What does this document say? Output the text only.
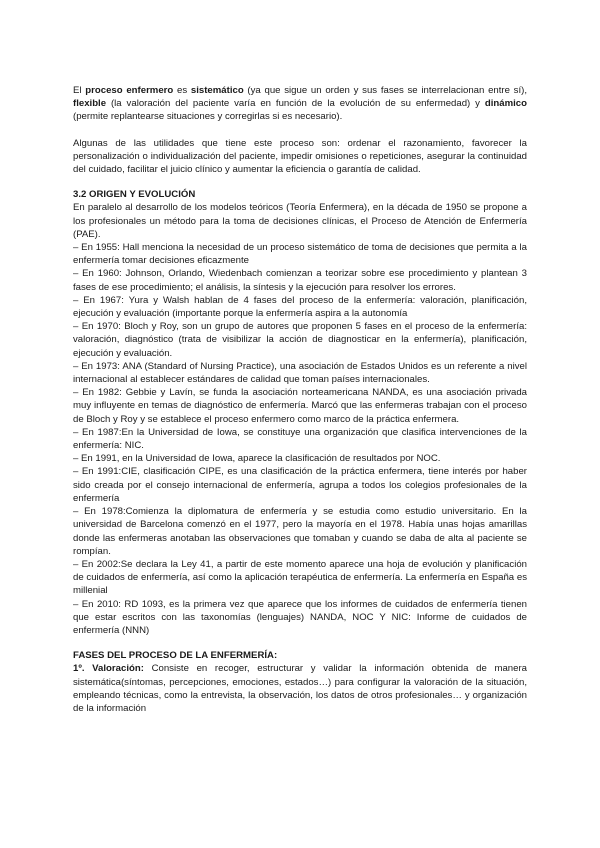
El proceso enfermero es sistemático (ya que sigue un orden y sus fases se interrelacionan entre sí), flexible (la valoración del paciente varía en función de la evolución de su enfermedad) y dinámico (permite replantearse situaciones y corregirlas si es necesario).

Algunas de las utilidades que tiene este proceso son: ordenar el razonamiento, favorecer la personalización o individualización del paciente, impedir omisiones o repeticiones, asegurar la continuidad del cuidado, facilitar el juicio clínico y aumentar la eficiencia o garantía de calidad.

3.2 ORIGEN Y EVOLUCIÓN

En paralelo al desarrollo de los modelos teóricos (Teoría Enfermera), en la década de 1950 se propone a los profesionales un método para la toma de decisiones clínicas, el Proceso de Atención de Enfermería (PAE).

– En 1955: Hall menciona la necesidad de un proceso sistemático de toma de decisiones que permita a la enfermería tomar decisiones eficazmente

– En 1960: Johnson, Orlando, Wiedenbach comienzan a teorizar sobre ese procedimiento y plantean 3 fases de ese procedimiento; el análisis, la síntesis y la ejecución para resolver los errores.

– En 1967: Yura y Walsh hablan de 4 fases del proceso de la enfermería: valoración, planificación, ejecución y evaluación (importante porque la enfermería aspira a la autonomía

– En 1970: Bloch y Roy, son un grupo de autores que proponen 5 fases en el proceso de la enfermería: valoración, diagnóstico (trata de visibilizar la acción de diagnosticar en la enfermería), planificación, ejecución y evaluación.

– En 1973: ANA (Standard of Nursing Practice), una asociación de Estados Unidos es un referente a nivel internacional al establecer estándares de calidad que toman países internacionales.

– En 1982: Gebbie y Lavín, se funda la asociación norteamericana NANDA, es una asociación privada muy influyente en temas de diagnóstico de enfermería. Marcó que las enfermeras trabajan con el proceso de Bloch y Roy y se establece el proceso enfermero como marco de la práctica enfermera.

– En 1987:En la Universidad de Iowa, se constituye una organización que clasifica intervenciones de la enfermería: NIC.

– En 1991, en la Universidad de Iowa, aparece la clasificación de resultados por NOC.

– En 1991:CIE, clasificación CIPE, es una clasificación de la práctica enfermera, tiene interés por haber sido creada por el consejo internacional de enfermería, agrupa a todos los colegios profesionales de la enfermería

– En 1978:Comienza la diplomatura de enfermería y se estudia como estudio universitario. En la universidad de Barcelona comenzó en el 1977, pero la mayoría en el 1978. Había unas hojas amarillas donde las enfermeras anotaban las observaciones que tomaban y cuando se daba de alta al paciente se rompían.

– En 2002:Se declara la Ley 41, a partir de este momento aparece una hoja de evolución y planificación de cuidados de enfermería, así como la aplicación terapéutica de enfermería. La enfermería en España es millenial

– En 2010: RD 1093, es la primera vez que aparece que los informes de cuidados de enfermería tienen que estar escritos con las taxonomías (lenguajes) NANDA, NOC Y NIC: Informe de cuidados de enfermería (NNN)

FASES DEL PROCESO DE LA ENFERMERÍA:

1º. Valoración: Consiste en recoger, estructurar y validar la información obtenida de manera sistemática(síntomas, percepciones, emociones, estados…) para configurar la valoración de la situación, empleando técnicas, como la entrevista, la observación, los datos de otros profesionales… y organización de la información
